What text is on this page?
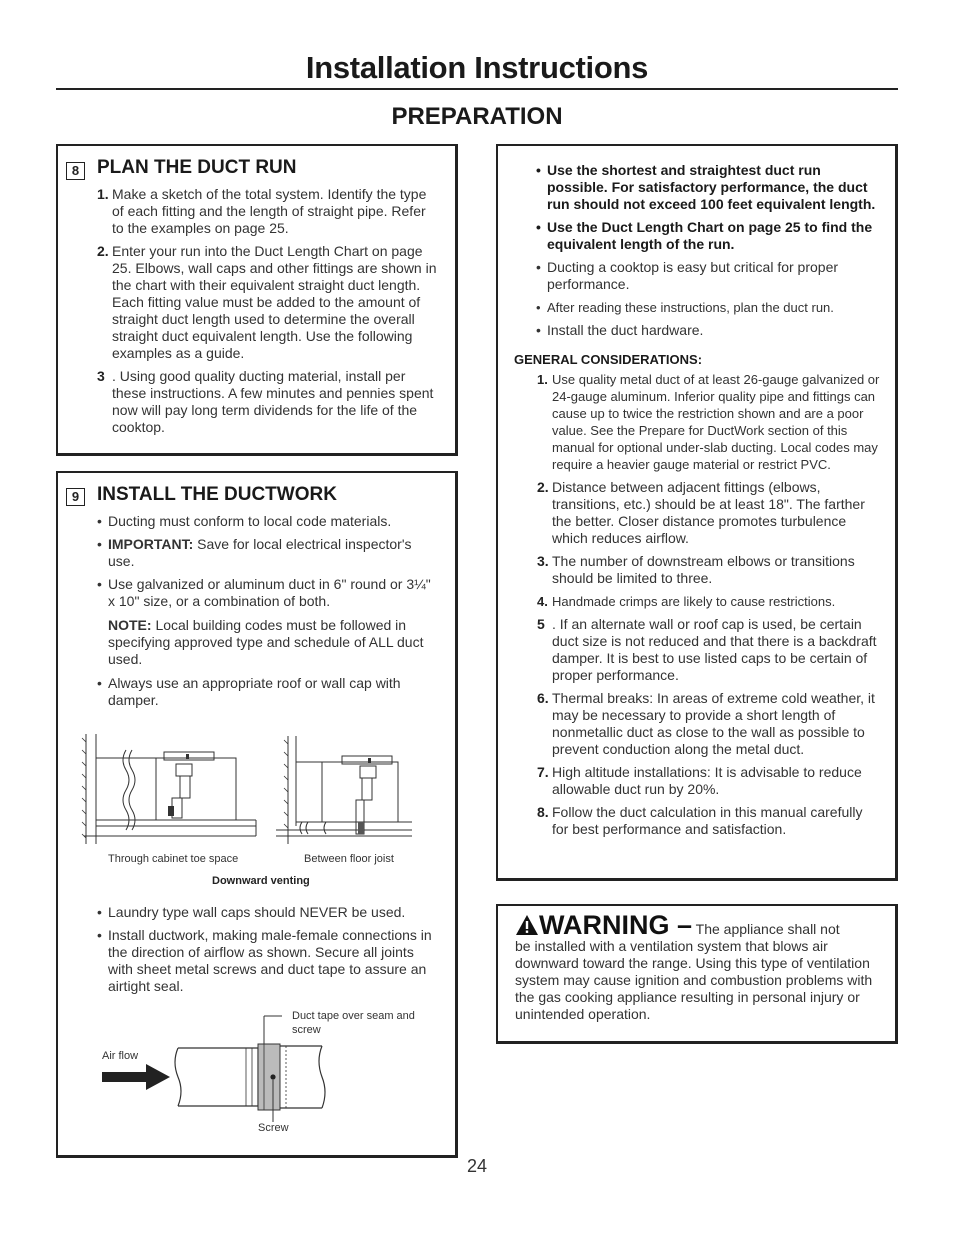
Installation Instructions
PREPARATION
8 PLAN THE DUCT RUN
1. Make a sketch of the total system. Identify the type of each fitting and the length of straight pipe. Refer to the examples on page 25.
2. Enter your run into the Duct Length Chart on page 25. Elbows, wall caps and other fittings are shown in the chart with their equivalent straight duct length. Each fitting value must be added to the amount of straight duct length used to determine the overall straight duct equivalent length. Use the following examples as a guide.
3 . Using good quality ducting material, install per these instructions. A few minutes and pennies spent now will pay long term dividends for the life of the cooktop.
9 INSTALL THE DUCTWORK
• Ducting must conform to local code materials.
• IMPORTANT: Save for local electrical inspector's use.
• Use galvanized or aluminum duct in 6" round or 3¼" x 10" size, or a combination of both.
NOTE: Local building codes must be followed in specifying approved type and schedule of ALL duct used.
• Always use an appropriate roof or wall cap with damper.
Through cabinet toe space	Between floor joist
Downward venting
• Laundry type wall caps should NEVER be used.
• Install ductwork, making male-female connections in the direction of airflow as shown. Secure all joints with sheet metal screws and duct tape to assure an airtight seal.
Duct tape over seam and screw
Air flow
Screw
• Use the shortest and straightest duct run possible. For satisfactory performance, the duct run should not exceed 100 feet equivalent length.
• Use the Duct Length Chart on page 25 to find the equivalent length of the run.
• Ducting a cooktop is easy but critical for proper performance.
• After reading these instructions, plan the duct run.
• Install the duct hardware.
GENERAL CONSIDERATIONS:
1. Use quality metal duct of at least 26-gauge galvanized or 24-gauge aluminum. Inferior quality pipe and fittings can cause up to twice the restriction shown and are a poor value. See the Prepare for DuctWork section of this manual for optional under-slab ducting. Local codes may require a heavier gauge material or restrict PVC.
2. Distance between adjacent fittings (elbows, transitions, etc.) should be at least 18". The farther the better. Closer distance promotes turbulence which reduces airflow.
3. The number of downstream elbows or transitions should be limited to three.
4. Handmade crimps are likely to cause restrictions.
5 . If an alternate wall or roof cap is used, be certain duct size is not reduced and that there is a backdraft damper. It is best to use listed caps to be certain of proper performance.
6. Thermal breaks: In areas of extreme cold weather, it may be necessary to provide a short length of nonmetallic duct as close to the wall as possible to prevent conduction along the metal duct.
7. High altitude installations: It is advisable to reduce allowable duct run by 20%.
8. Follow the duct calculation in this manual carefully for best performance and satisfaction.
WARNING – The appliance shall not
be installed with a ventilation system that blows air downward toward the range. Using this type of ventilation system may cause ignition and combustion problems with the gas cooking appliance resulting in personal injury or unintended operation.
24
